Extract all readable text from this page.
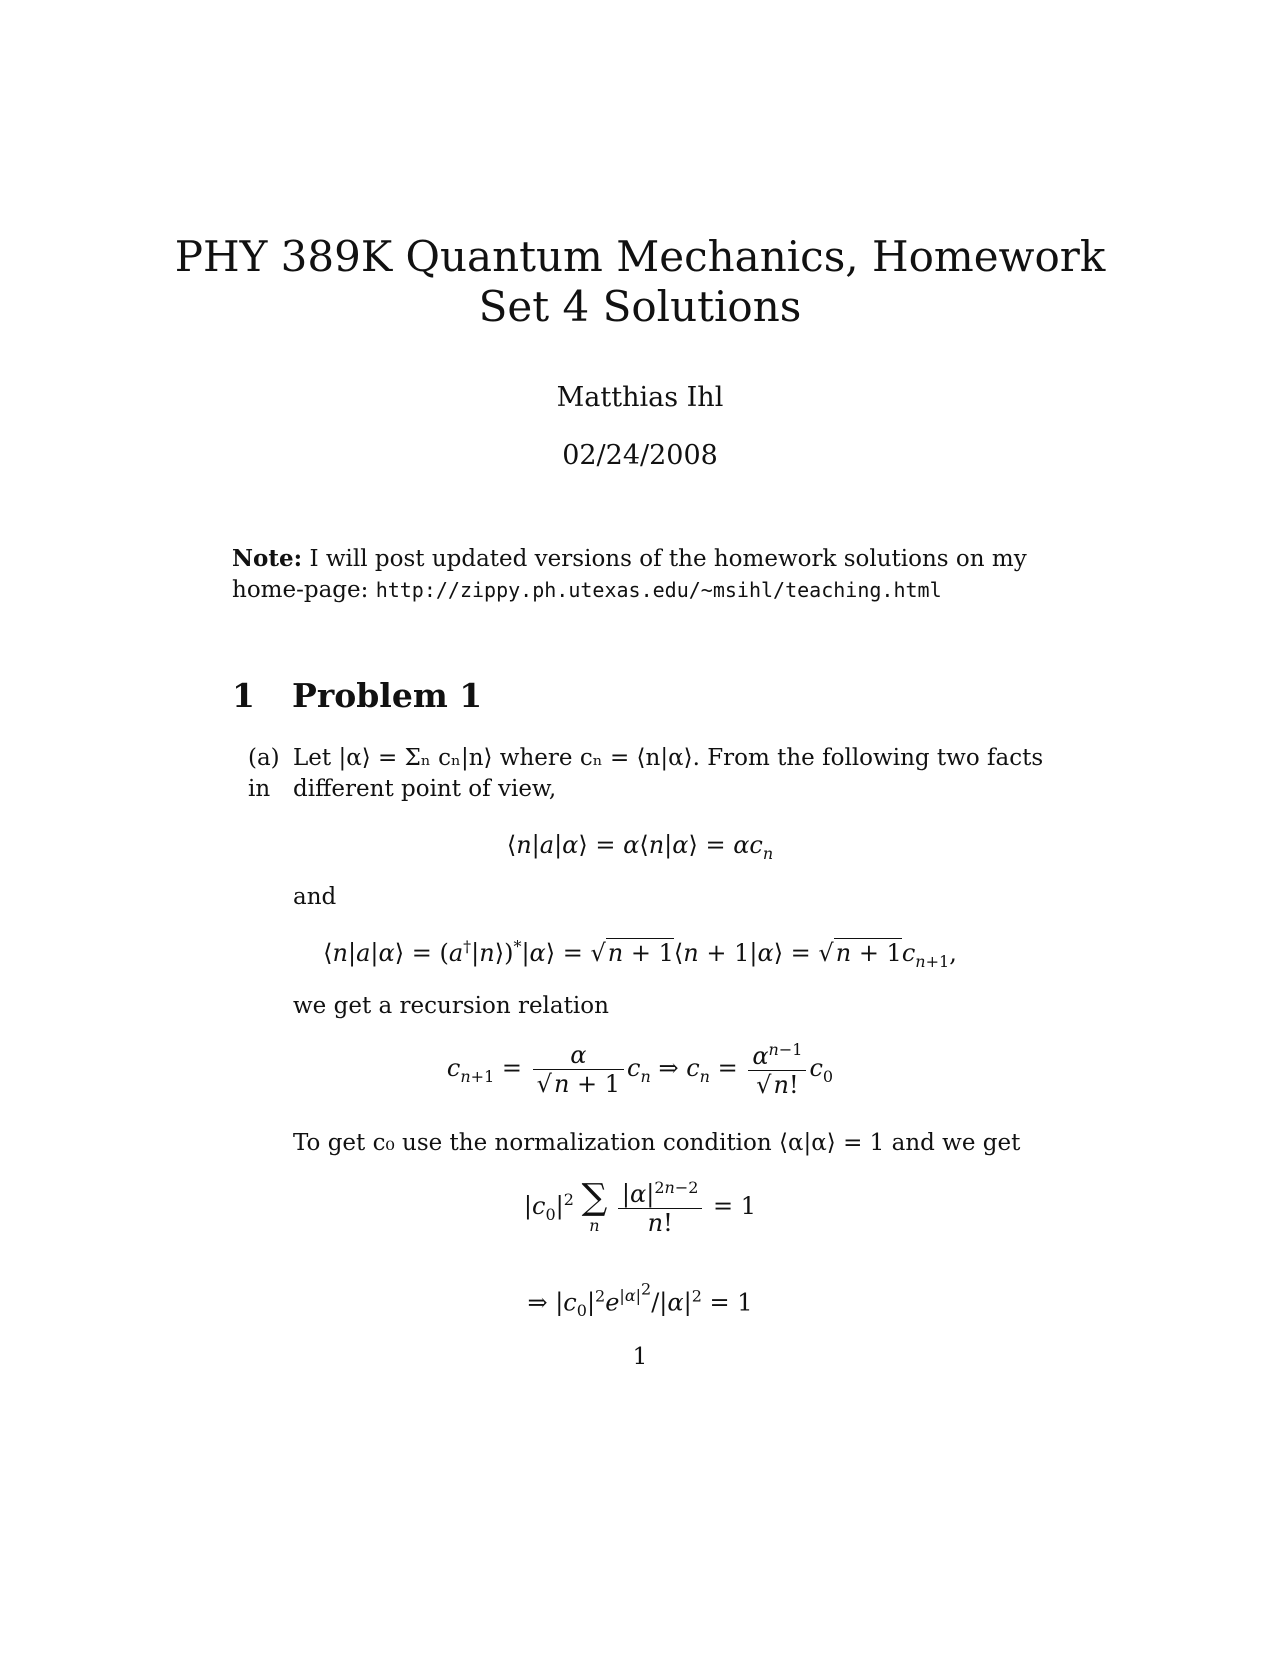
PHY 389K Quantum Mechanics, Homework
Set 4 Solutions
Matthias Ihl
02/24/2008
Note: I will post updated versions of the homework solutions on my home-page: http://zippy.ph.utexas.edu/~msihl/teaching.html
1 Problem 1
(a) Let |α⟩ = Σₙ cₙ|n⟩ where cₙ = ⟨n|α⟩. From the following two facts in different point of view,
⟨n|a|α⟩ = α⟨n|α⟩ = $\alpha c_n$
and
⟨n|a|α⟩ = (a†|n⟩)*|α⟩ = √n + 1⟨n + 1|α⟩ = $√n + 1c_{n+1}$,
we get a recursion relation
$c_{n+1} = \frac{\alpha}{√n + 1} c_n$ ⇒ $c_n = \frac{\alpha^{n-1}}{√n!} c_0$
To get c₀ use the normalization condition ⟨α|α⟩ = 1 and we get
$|c_0|^2$ ∑
n
$\frac{|\alpha|^{2n-2}}{n!} = 1$
⇒ $|c_0|^2e^{|\alpha|^2}/|\alpha|^2 = 1$
1
